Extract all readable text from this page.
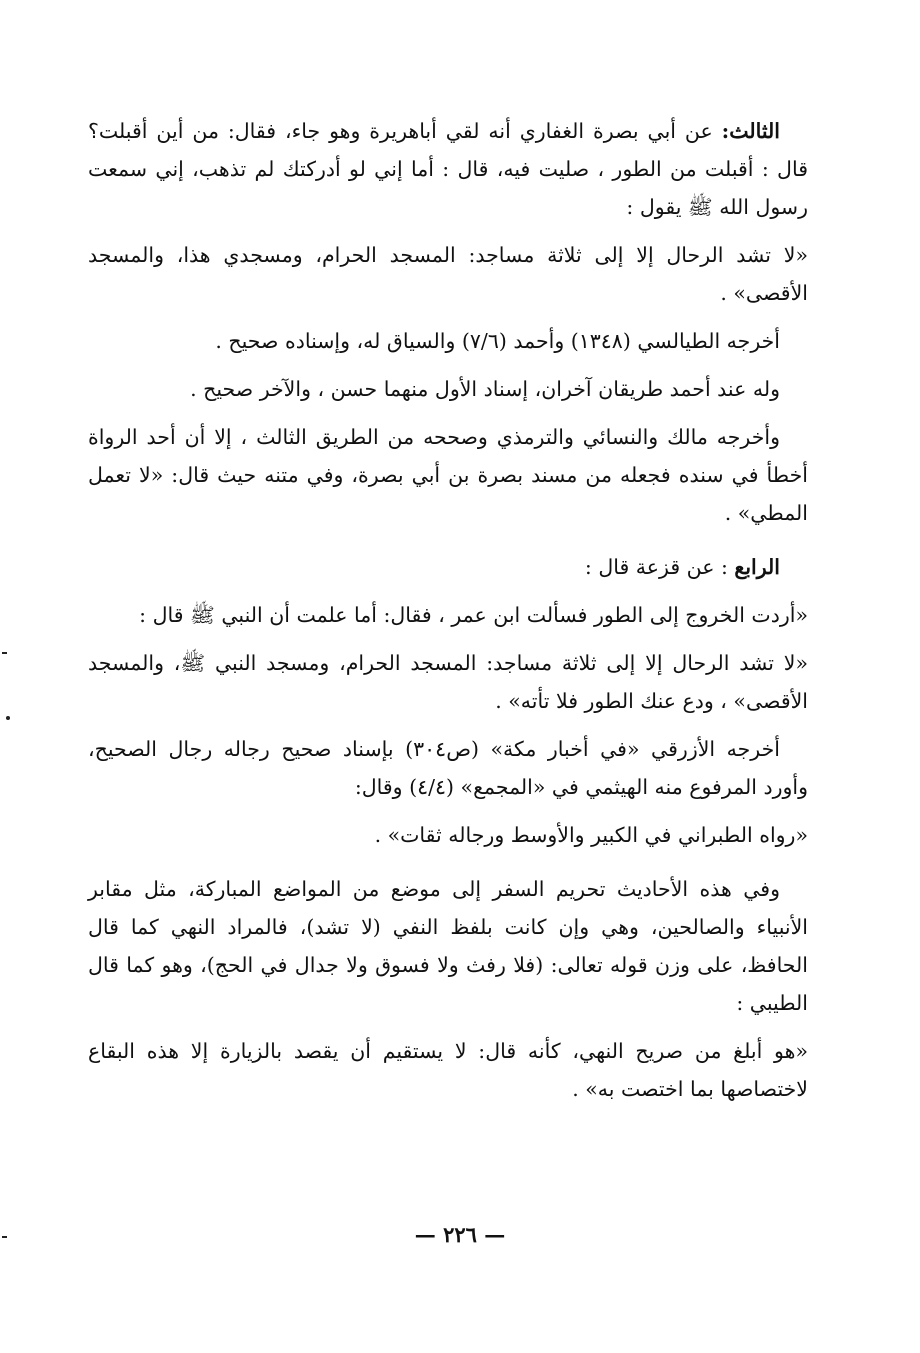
الثالث: عن أبي بصرة الغفاري أنه لقي أباهريرة وهو جاء، فقال: من أين أقبلت؟ قال : أقبلت من الطور ، صليت فيه، قال : أما إني لو أدركتك لم تذهب، إني سمعت رسول الله ﷺ يقول :

«لا تشد الرحال إلا إلى ثلاثة مساجد: المسجد الحرام، ومسجدي هذا، والمسجد الأقصى» .

أخرجه الطيالسي (١٣٤٨) وأحمد (٧/٦) والسياق له، وإسناده صحيح .

وله عند أحمد طريقان آخران، إسناد الأول منهما حسن ، والآخر صحيح .

وأخرجه مالك والنسائي والترمذي وصححه من الطريق الثالث ، إلا أن أحد الرواة أخطأ في سنده فجعله من مسند بصرة بن أبي بصرة، وفي متنه حيث قال: «لا تعمل المطي» .

الرابع : عن قزعة قال :

«أردت الخروج إلى الطور فسألت ابن عمر ، فقال: أما علمت أن النبي ﷺ قال :

«لا تشد الرحال إلا إلى ثلاثة مساجد: المسجد الحرام، ومسجد النبي ﷺ، والمسجد الأقصى» ، ودع عنك الطور فلا تأته» .

أخرجه الأزرقي «في أخبار مكة» (ص٣٠٤) بإسناد صحيح رجاله رجال الصحيح، وأورد المرفوع منه الهيثمي في «المجمع» (٤/٤) وقال:

«رواه الطبراني في الكبير والأوسط ورجاله ثقات» .

وفي هذه الأحاديث تحريم السفر إلى موضع من المواضع المباركة، مثل مقابر الأنبياء والصالحين، وهي وإن كانت بلفظ النفي (لا تشد)، فالمراد النهي كما قال الحافظ، على وزن قوله تعالى: (فلا رفث ولا فسوق ولا جدال في الحج)، وهو كما قال الطيبي :

«هو أبلغ من صريح النهي، كأنه قال: لا يستقيم أن يقصد بالزيارة إلا هذه البقاع لاختصاصها بما اختصت به» .

— ٢٢٦ —
